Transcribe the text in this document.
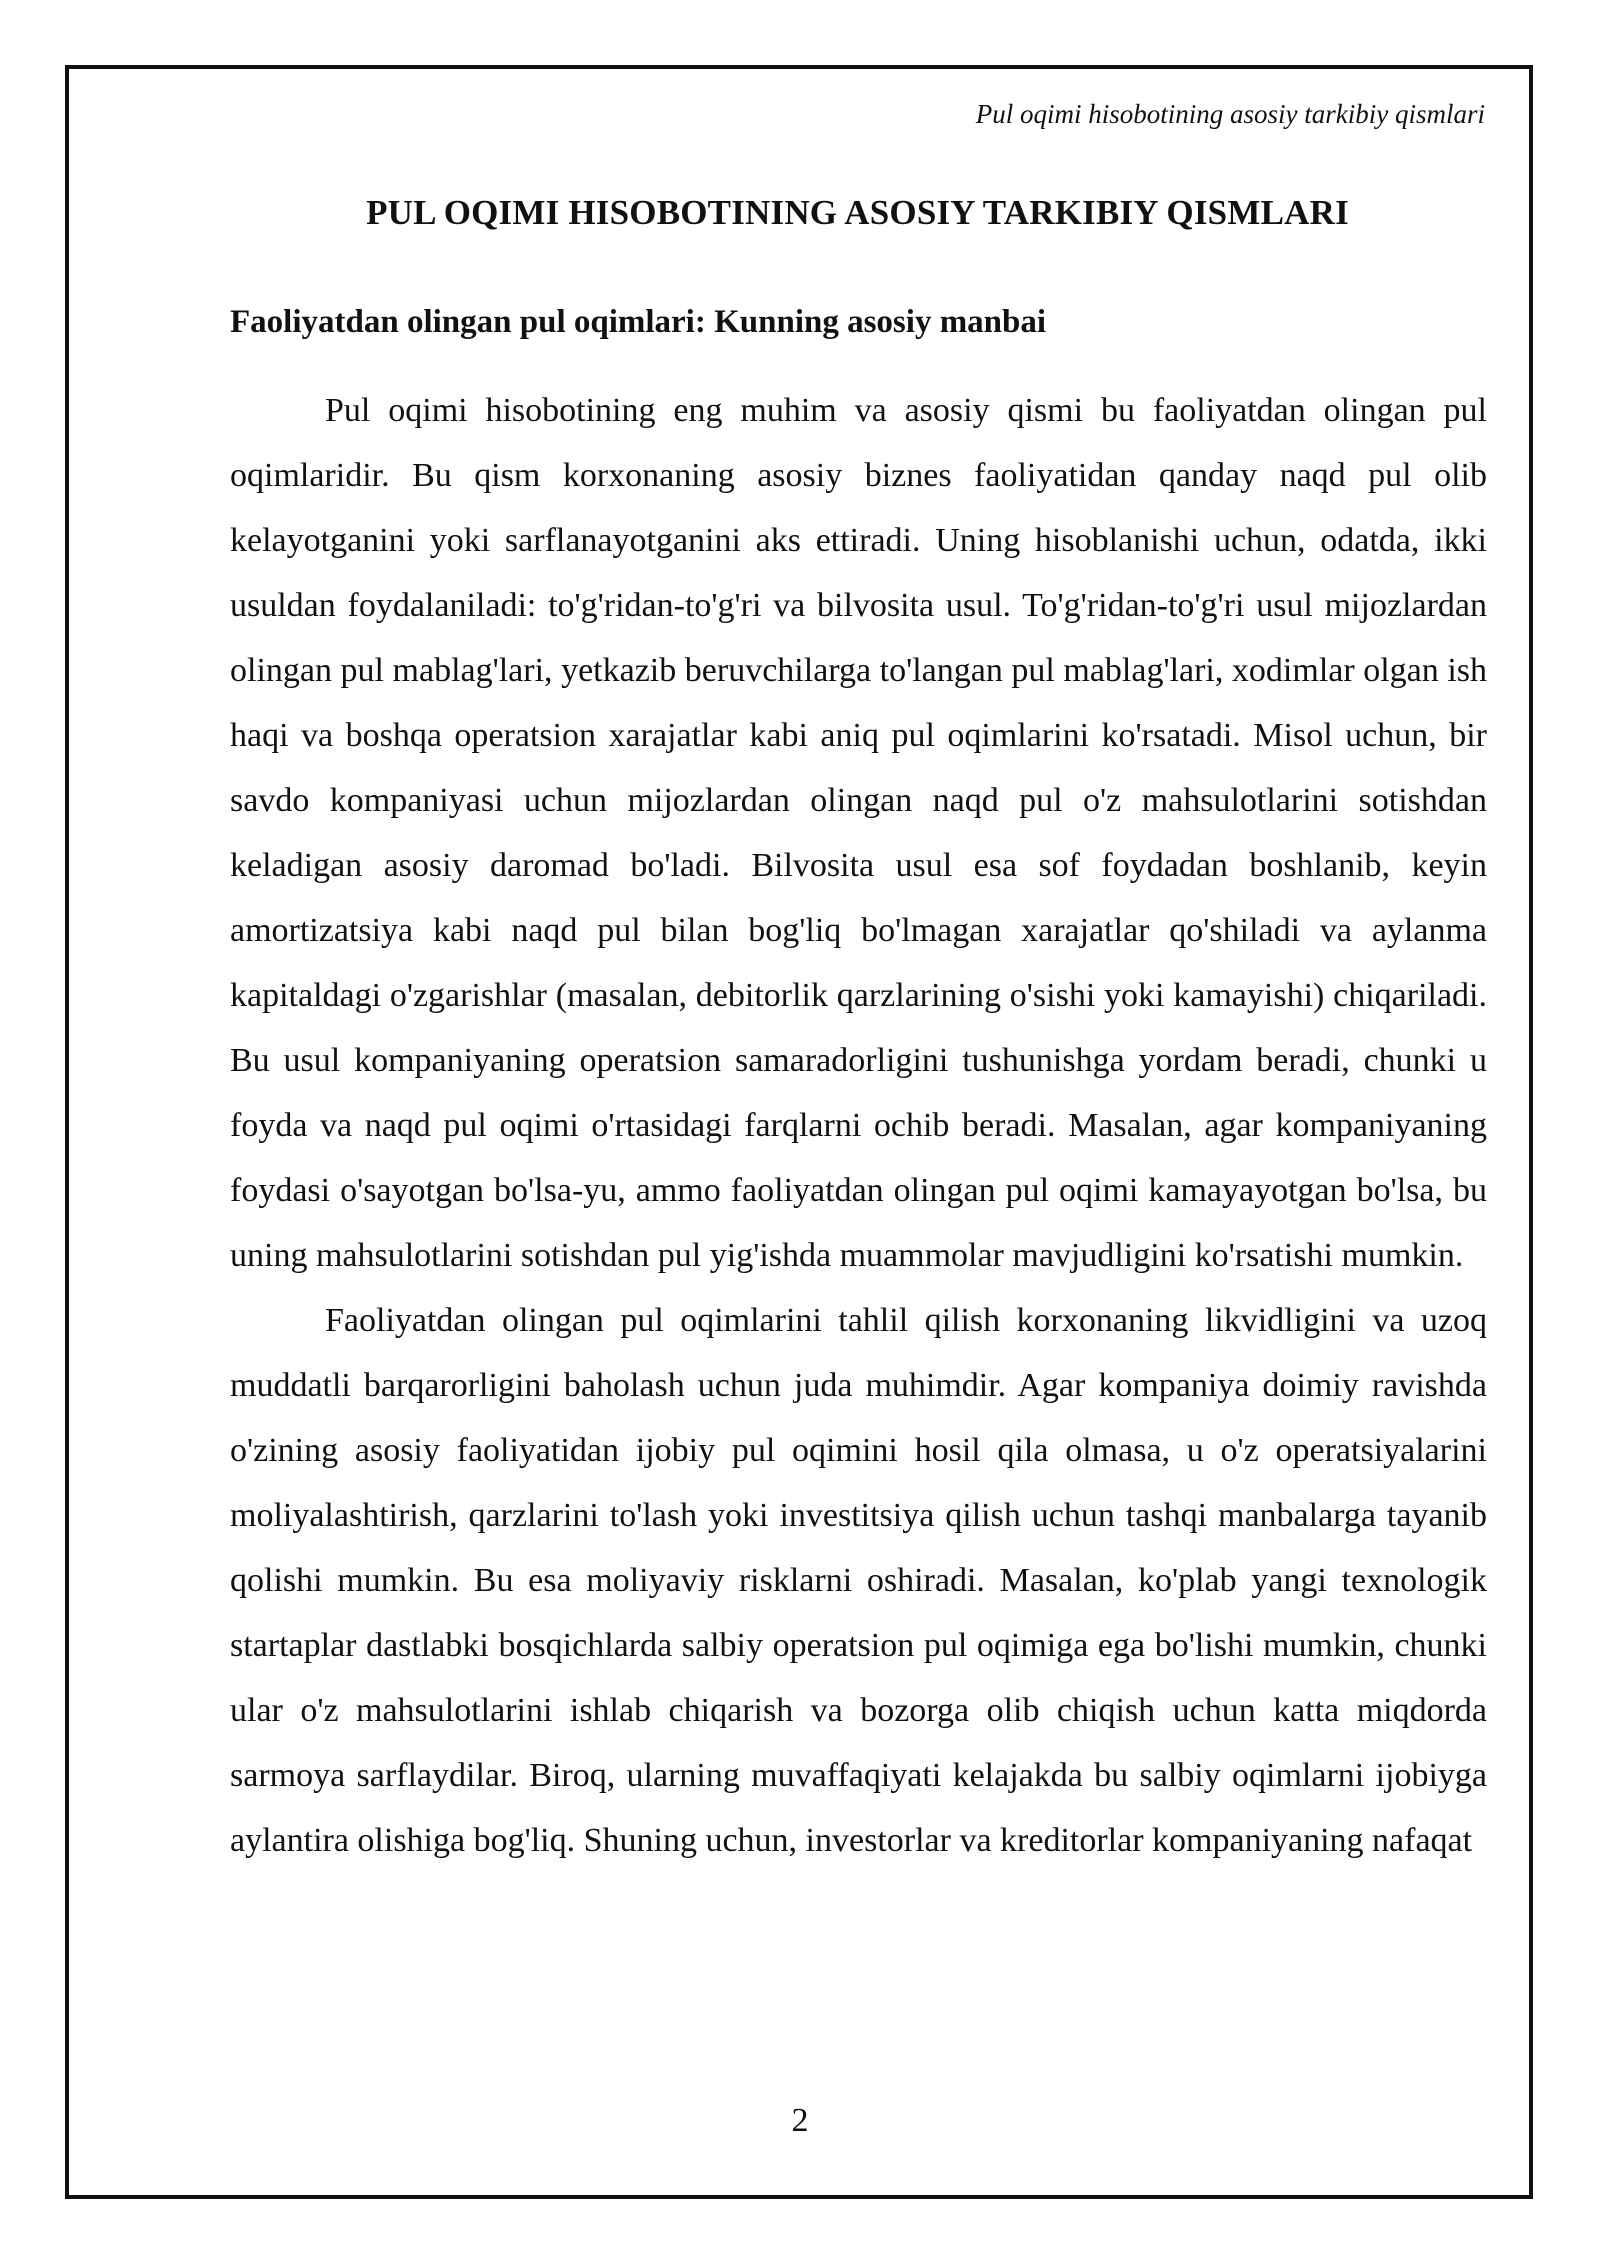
Pul oqimi hisobotining asosiy tarkibiy qismlari
PUL OQIMI HISOBOTINING ASOSIY TARKIBIY QISMLARI
Faoliyatdan olingan pul oqimlari: Kunning asosiy manbai

Pul oqimi hisobotining eng muhim va asosiy qismi bu faoliyatdan olingan pul oqimlaridir. Bu qism korxonaning asosiy biznes faoliyatidan qanday naqd pul olib kelayotganini yoki sarflanayotganini aks ettiradi. Uning hisoblanishi uchun, odatda, ikki usuldan foydalaniladi: to'g'ridan-to'g'ri va bilvosita usul. To'g'ridan-to'g'ri usul mijozlardan olingan pul mablag'lari, yetkazib beruvchilarga to'langan pul mablag'lari, xodimlar olgan ish haqi va boshqa operatsion xarajatlar kabi aniq pul oqimlarini ko'rsatadi. Misol uchun, bir savdo kompaniyasi uchun mijozlardan olingan naqd pul o'z mahsulotlarini sotishdan keladigan asosiy daromad bo'ladi. Bilvosita usul esa sof foydadan boshlanib, keyin amortizatsiya kabi naqd pul bilan bog'liq bo'lmagan xarajatlar qo'shiladi va aylanma kapitaldagi o'zgarishlar (masalan, debitorlik qarzlarining o'sishi yoki kamayishi) chiqariladi. Bu usul kompaniyaning operatsion samaradorligini tushunishga yordam beradi, chunki u foyda va naqd pul oqimi o'rtasidagi farqlarni ochib beradi. Masalan, agar kompaniyaning foydasi o'sayotgan bo'lsa-yu, ammo faoliyatdan olingan pul oqimi kamayayotgan bo'lsa, bu uning mahsulotlarini sotishdan pul yig'ishda muammolar mavjudligini ko'rsatishi mumkin.

Faoliyatdan olingan pul oqimlarini tahlil qilish korxonaning likvidligini va uzoq muddatli barqarorligini baholash uchun juda muhimdir. Agar kompaniya doimiy ravishda o'zining asosiy faoliyatidan ijobiy pul oqimini hosil qila olmasa, u o'z operatsiyalarini moliyalashtirish, qarzlarini to'lash yoki investitsiya qilish uchun tashqi manbalarga tayanib qolishi mumkin. Bu esa moliyaviy risklarni oshiradi. Masalan, ko'plab yangi texnologik startaplar dastlabki bosqichlarda salbiy operatsion pul oqimiga ega bo'lishi mumkin, chunki ular o'z mahsulotlarini ishlab chiqarish va bozorga olib chiqish uchun katta miqdorda sarmoya sarflaydilar. Biroq, ularning muvaffaqiyati kelajakda bu salbiy oqimlarni ijobiyga aylantira olishiga bog'liq. Shuning uchun, investorlar va kreditorlar kompaniyaning nafaqat

2
